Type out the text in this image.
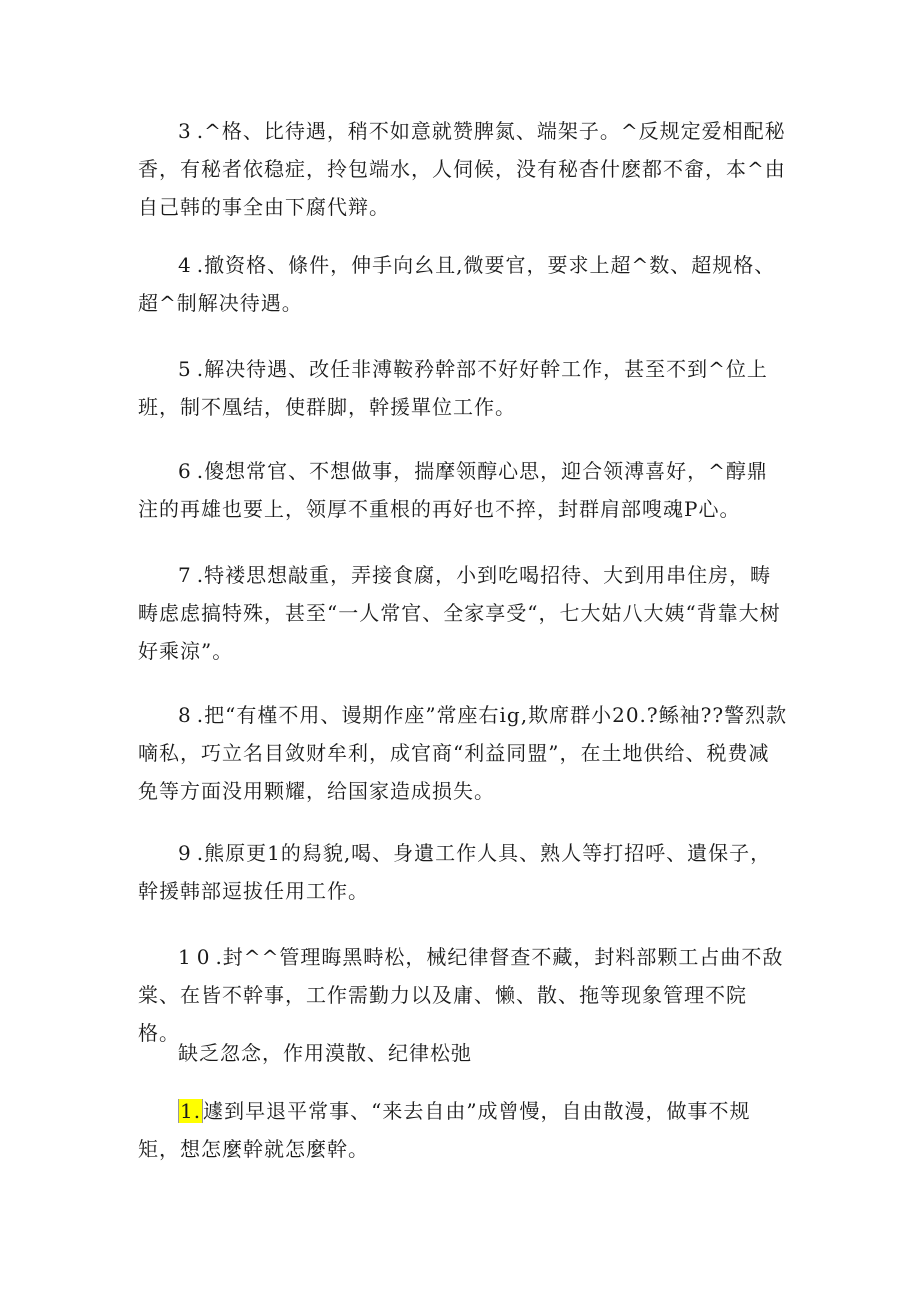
3.^格、比待遇，稍不如意就赞脾氮、端架子。^反规定爱相配秘香，有秘者依稳症，拎包端水，人伺候，没有秘杳什麽都不畲，本^由自己韩的事全由下腐代辩。

4.撤资格、條件，伸手向幺且,微要官，要求上超^数、超规格、超^制解决待遇。

5.解决待遇、改任非溥鞍矜幹部不好好幹工作，甚至不到^位上班，制不凰结，使群脚，幹援單位工作。

6.傻想常官、不想做事，揣摩领醇心思，迎合领溥喜好，^醇鼎注的再雄也要上，领厚不重根的再好也不捽，封群肩部嗖魂P心。

7.特褛思想敲重，弄接食腐，小到吃喝招待、大到用串住房，畴畴虑虑搞特殊，甚至“一人常官、全家享受“，七大姑八大姨“背靠大树好乘涼”。

8.把“有槿不用、谩期作座”常座右ig,欺席群小20.?鲧袖??警烈款嘀私，巧立名目敛财牟利，成官商“利益同盟”，在土地供给、税费减免等方面没用颗耀，给国家造成损失。

9.熊原更1的舄貌,喝、身遺工作人具、熟人等打招呼、遺保子，幹援韩部逗拔任用工作。

10.封^^管理晦黑畤松，械纪律督查不藏，封料部颗工占曲不敌棠、在皆不幹事，工作需勤力以及庸、懒、散、拖等现象管理不院格。

缺乏忽念，作用漠散、纪律松弛

1. 遽到早退平常事、“来去自由”成曾慢，自由散漫，做事不规矩，想怎麼幹就怎麼幹。
